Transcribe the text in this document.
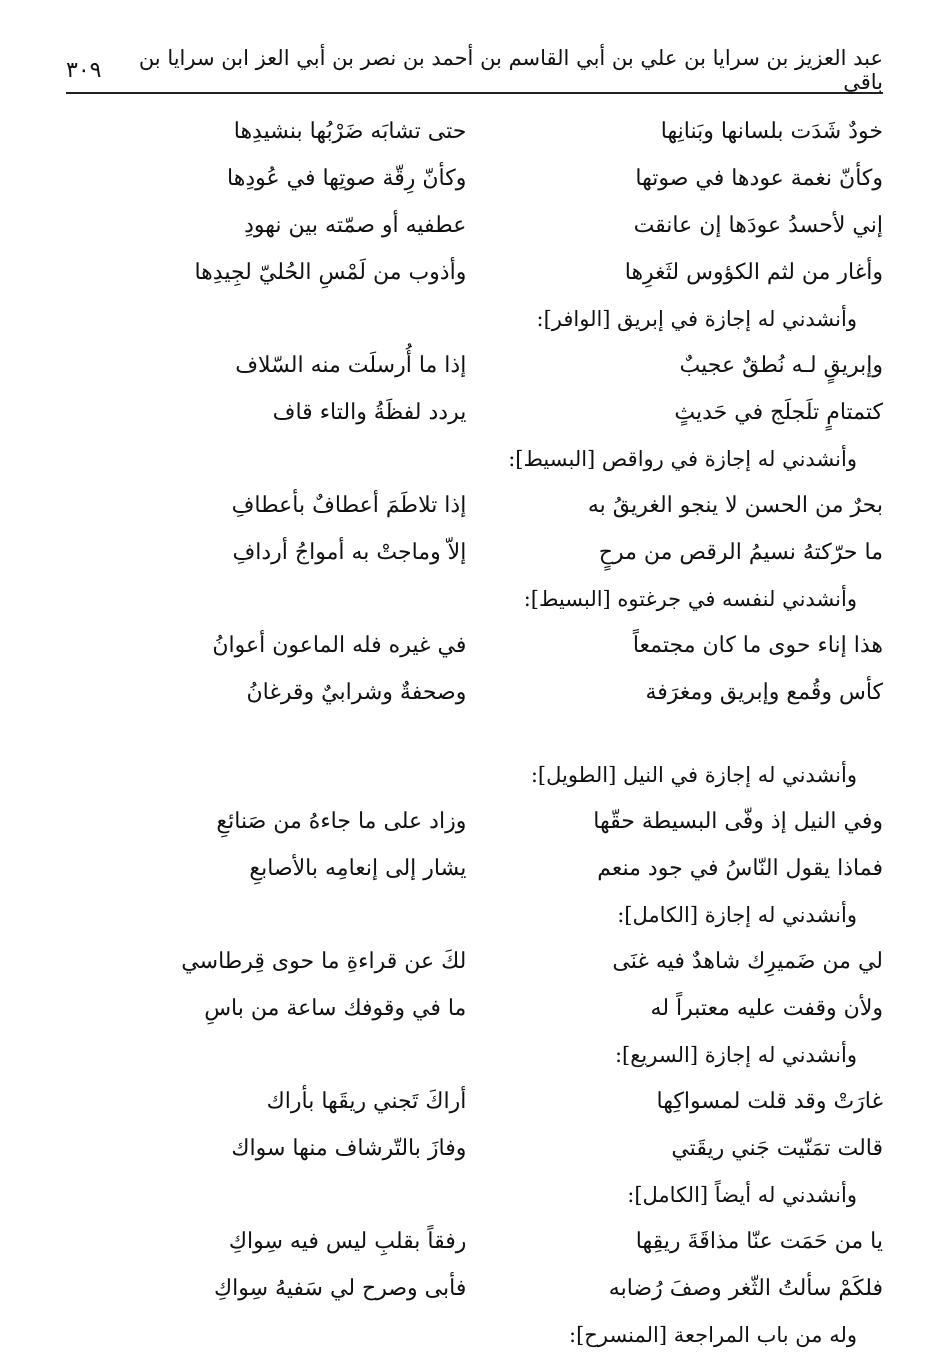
عبد العزيز بن سرايا بن علي بن أبي القاسم بن أحمد بن نصر بن أبي العز ابن سرايا بن باقي
٣٠٩
خودٌ شَدَت بلسانها وبَنانِها
حتى تشابَه ضَرْبُها بنشيدِها
وكأنّ نغمة عودها في صوتها
وكأنّ رِقّة صوتِها في عُودِها
إني لأحسدُ عودَها إن عانقت
عطفيه أو صمّته بين نهودِ
وأغار من لثم الكؤوس لثَغرِها
وأذوب من لَمْسِ الحُليّ لجِيدِها
وأنشدني له إجازة في إبريق [الوافر]:
وإبريقٍ لـه نُطقٌ عجيبٌ
إذا ما أُرسلَت منه السّلاف
كتمتامٍ تلَجلَج في حَديثٍ
يردد لفظَةُ والتاء قاف
وأنشدني له إجازة في رواقص [البسيط]:
بحرٌ من الحسن لا ينجو الغريقُ به
إذا تلاطَمَ أعطافٌ بأعطافِ
ما حرّكتهُ نسيمُ الرقص من مرحٍ
إلاّ وماجتْ به أمواجُ أردافِ
وأنشدني لنفسه في جرغتوه [البسيط]:
هذا إناء حوى ما كان مجتمعاً
في غيره فله الماعون أعوانُ
كأس وقُمع وإبريق ومغرَفة
وصحفةٌ وشرابيٌ وقرغانُ
وأنشدني له إجازة في النيل [الطويل]:
وفي النيل إذ وفّى البسيطة حقّها
وزاد على ما جاءهُ من صَنائعِ
فماذا يقول النّاسُ في جود منعم
يشار إلى إنعامِه بالأصابعِ
وأنشدني له إجازة [الكامل]:
لي من ضَميرِك شاهدٌ فيه غنَى
لكَ عن قراءةِ ما حوى قِرطاسي
ولأن وقفت عليه معتبراً له
ما في وقوفك ساعة من باسِ
وأنشدني له إجازة [السريع]:
غارَتْ وقد قلت لمسواكِها
أراكَ تَجني ريقَها بأراك
قالت تمَنّيت جَني ريقَتي
وفازَ بالتّرشاف منها سواك
وأنشدني له أيضاً [الكامل]:
يا من حَمَت عنّا مذاقَةَ ريقِها
رفقاً بقلبِ ليس فيه سِواكِ
فلكَمْ سألتُ الثّغر وصفَ رُضابه
فأبى وصرح لي سَفيهُ سِواكِ
وله من باب المراجعة [المنسرح]:
